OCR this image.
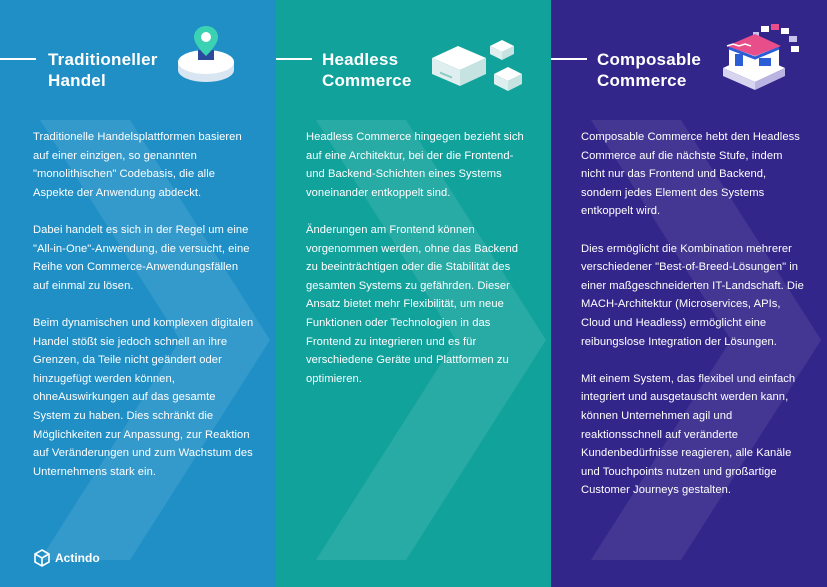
Traditioneller
Handel

Traditionelle Handelsplattformen basieren auf einer einzigen, so genannten "monolithischen" Codebasis, die alle Aspekte der Anwendung abdeckt.

Dabei handelt es sich in der Regel um eine "All-in-One"-Anwendung, die versucht, eine Reihe von Commerce-Anwendungsfällen auf einmal zu lösen.

Beim dynamischen und komplexen digitalen Handel stößt sie jedoch schnell an ihre Grenzen, da Teile nicht geändert oder hinzugefügt werden können, ohneAuswirkungen auf das gesamte System zu haben. Dies schränkt die Möglichkeiten zur Anpassung, zur Reaktion auf Veränderungen und zum Wachstum des Unternehmens stark ein.

Actindo
Headless
Commerce

Headless Commerce hingegen bezieht sich auf eine Architektur, bei der die Frontend- und Backend-Schichten eines Systems voneinander entkoppelt sind.

Änderungen am Frontend können vorgenommen werden, ohne das Backend zu beeinträchtigen oder die Stabilität des gesamten Systems zu gefährden. Dieser Ansatz bietet mehr Flexibilität, um neue Funktionen oder Technologien in das Frontend zu integrieren und es für verschiedene Geräte und Plattformen zu optimieren.

Composable
Commerce

Composable Commerce hebt den Headless Commerce auf die nächste Stufe, indem nicht nur das Frontend und Backend, sondern jedes Element des Systems entkoppelt wird.

Dies ermöglicht die Kombination mehrerer verschiedener "Best-of-Breed-Lösungen" in einer maßgeschneiderten IT-Landschaft. Die MACH-Architektur (Microservices, APIs, Cloud und Headless) ermöglicht eine reibungslose Integration der Lösungen.

Mit einem System, das flexibel und einfach integriert und ausgetauscht werden kann, können Unternehmen agil und reaktionsschnell auf veränderte Kundenbedürfnisse reagieren, alle Kanäle und Touchpoints nutzen und großartige Customer Journeys gestalten.
